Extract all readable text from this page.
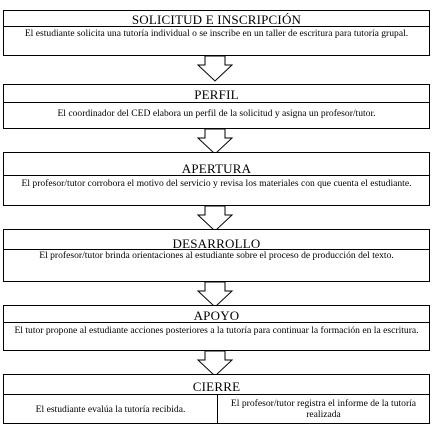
SOLICITUD E INSCRIPCIÓN
El estudiante solicita una tutoría individual o se inscribe en un taller de escritura para tutoría grupal.
PERFIL
El coordinador del CED elabora un perfil de la solicitud y asigna un profesor/tutor.
APERTURA
El profesor/tutor corrobora el motivo del servicio y revisa los materiales con que cuenta el estudiante.
DESARROLLO
El profesor/tutor brinda orientaciones al estudiante sobre el proceso de producción del texto.
APOYO
El tutor propone al estudiante acciones posteriores a la tutoría para continuar la formación en la escritura.
CIERRE
El estudiante evalúa la tutoría recibida.	El profesor/tutor registra el informe de la tutoría realizada
